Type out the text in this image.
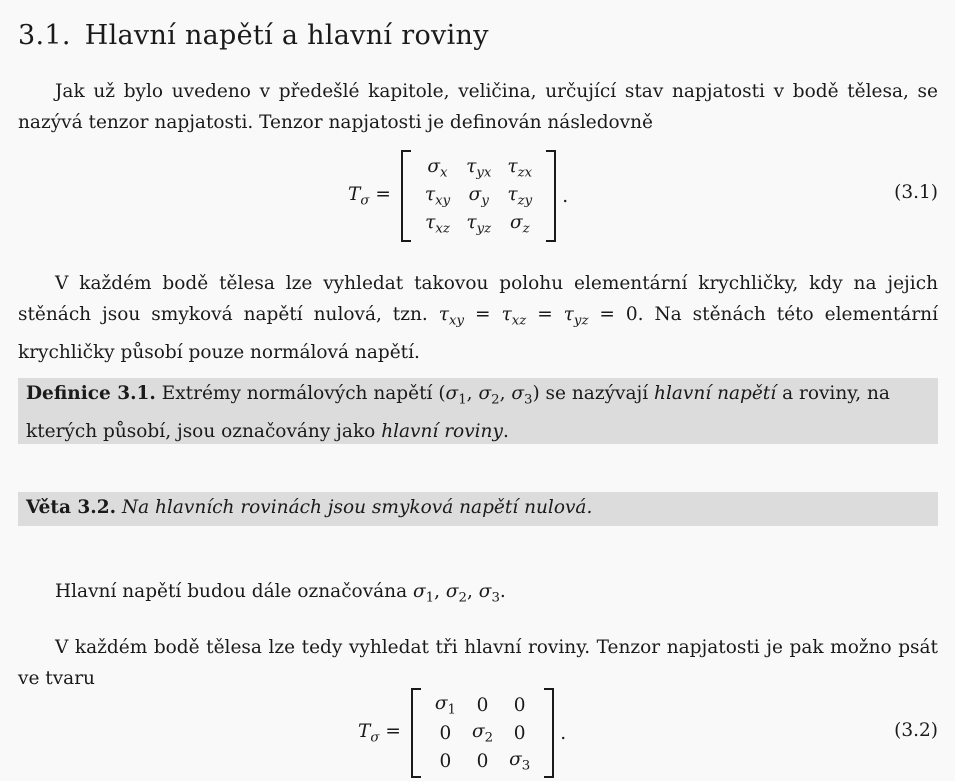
3.1. Hlavní napětí a hlavní roviny
Jak už bylo uvedeno v předešlé kapitole, veličina, určující stav napjatosti v bodě tělesa, se nazývá tenzor napjatosti. Tenzor napjatosti je definován následovně
$T_\sigma$ =
$\sigma_x$	$\tau_{yx}$	$\tau_{zx}$
$\tau_{xy}$	$\sigma_y$	$\tau_{zy}$
$\tau_{xz}$	$\tau_{yz}$	$\sigma_z$
.	(3.1)
V každém bodě tělesa lze vyhledat takovou polohu elementární krychličky, kdy na jejich stěnách jsou smyková napětí nulová, tzn. $\tau_{xy} = \tau_{xz} = \tau_{yz} = 0$. Na stěnách této elementární krychličky působí pouze normálová napětí.
Definice 3.1. Extrémy normálových napětí ($\sigma_1$, $\sigma_2$, $\sigma_3$) se nazývají hlavní napětí a roviny, na kterých působí, jsou označovány jako hlavní roviny.
Věta 3.2. Na hlavních rovinách jsou smyková napětí nulová.
Hlavní napětí budou dále označována $\sigma_1$, $\sigma_2$, $\sigma_3$.
V každém bodě tělesa lze tedy vyhledat tři hlavní roviny. Tenzor napjatosti je pak možno psát ve tvaru
$T_\sigma$ =
$\sigma_1$	0	0
0	$\sigma_2$	0
0	0	$\sigma_3$
.	(3.2)
